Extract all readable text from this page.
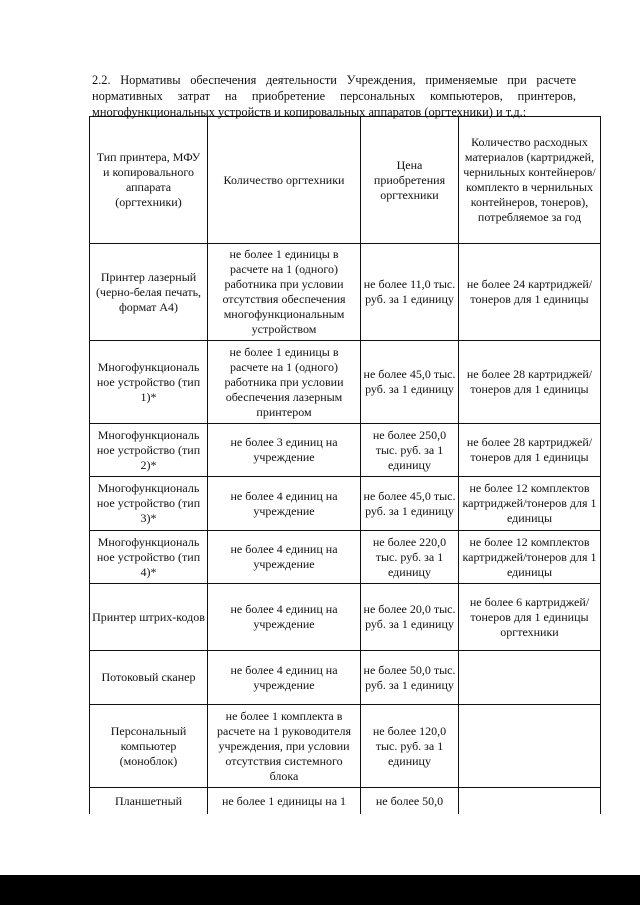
2.2. Нормативы обеспечения деятельности Учреждения, применяемые при расчете нормативных затрат на приобретение персональных компьютеров, принтеров, многофункциональных устройств и копировальных аппаратов (оргтехники) и т.д.:

Тип принтера, МФУ и копировального аппарата (оргтехники)	Количество оргтехники	Цена приобретения оргтехники	Количество расходных материалов (картриджей, чернильных контейнеров/комплекто в чернильных контейнеров, тонеров), потребляемое за год
Принтер лазерный (черно-белая печать, формат А4)	не более 1 единицы в расчете на 1 (одного) работника при условии отсутствия обеспечения многофункциональным устройством	не более 11,0 тыс. руб. за 1 единицу	не более 24 картриджей/тонеров для 1 единицы
Многофункциональ ное устройство (тип 1)*	не более 1 единицы в расчете на 1 (одного) работника при условии обеспечения лазерным принтером	не более 45,0 тыс. руб. за 1 единицу	не более 28 картриджей/тонеров для 1 единицы
Многофункциональ ное устройство (тип 2)*	не более 3 единиц на учреждение	не более 250,0 тыс. руб. за 1 единицу	не более 28 картриджей/тонеров для 1 единицы
Многофункциональ ное устройство (тип 3)*	не более 4 единиц на учреждение	не более 45,0 тыс. руб. за 1 единицу	не более 12 комплектов картриджей/тонеров для 1 единицы
Многофункциональ ное устройство (тип 4)*	не более 4 единиц на учреждение	не более 220,0 тыс. руб. за 1 единицу	не более 12 комплектов картриджей/тонеров для 1 единицы
Принтер штрих-кодов	не более 4 единиц на учреждение	не более 20,0 тыс. руб. за 1 единицу	не более 6 картриджей/тонеров для 1 единицы оргтехники
Потоковый сканер	не более 4 единиц на учреждение	не более 50,0 тыс. руб. за 1 единицу	
Персональный компьютер (моноблок)	не более 1 комплекта в расчете на 1 руководителя учреждения, при условии отсутствия системного блока	не более 120,0 тыс. руб. за 1 единицу	
Планшетный	не более 1 единицы на 1	не более 50,0	
